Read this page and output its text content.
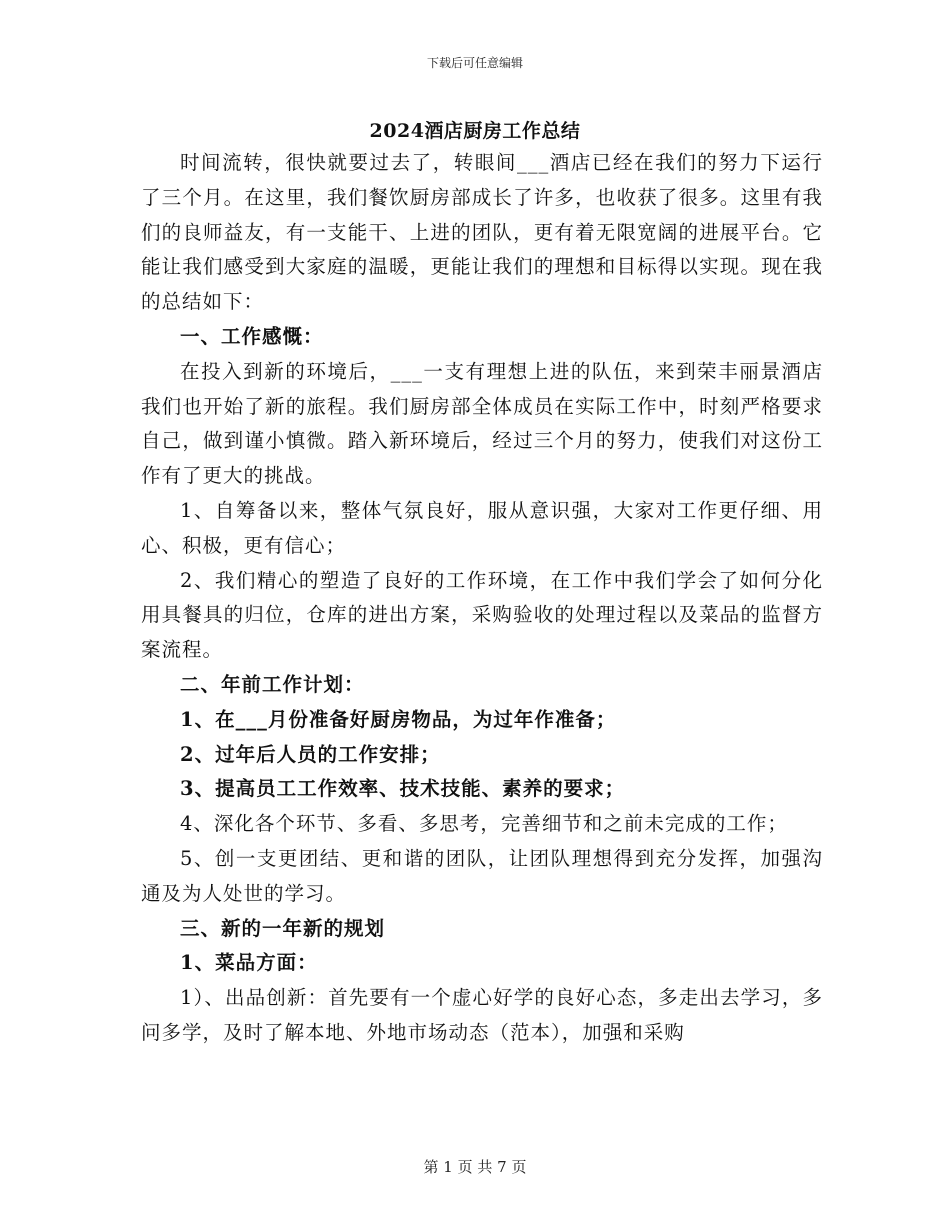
下载后可任意编辑
2024酒店厨房工作总结

时间流转，很快就要过去了，转眼间___酒店已经在我们的努力下运行了三个月。在这里，我们餐饮厨房部成长了许多，也收获了很多。这里有我们的良师益友，有一支能干、上进的团队，更有着无限宽阔的进展平台。它能让我们感受到大家庭的温暖，更能让我们的理想和目标得以实现。现在我的总结如下：

一、工作感慨：

在投入到新的环境后，___一支有理想上进的队伍，来到荣丰丽景酒店我们也开始了新的旅程。我们厨房部全体成员在实际工作中，时刻严格要求自己，做到谨小慎微。踏入新环境后，经过三个月的努力，使我们对这份工作有了更大的挑战。

1、自筹备以来，整体气氛良好，服从意识强，大家对工作更仔细、用心、积极，更有信心；

2、我们精心的塑造了良好的工作环境，在工作中我们学会了如何分化用具餐具的归位，仓库的进出方案，采购验收的处理过程以及菜品的监督方案流程。

二、年前工作计划：

1、在___月份准备好厨房物品，为过年作准备；

2、过年后人员的工作安排；

3、提高员工工作效率、技术技能、素养的要求；

4、深化各个环节、多看、多思考，完善细节和之前未完成的工作；

5、创一支更团结、更和谐的团队，让团队理想得到充分发挥，加强沟通及为人处世的学习。

三、新的一年新的规划

1、菜品方面：

1）、出品创新：首先要有一个虚心好学的良好心态，多走出去学习，多问多学，及时了解本地、外地市场动态（范本），加强和采购

第 1 页 共 7 页
